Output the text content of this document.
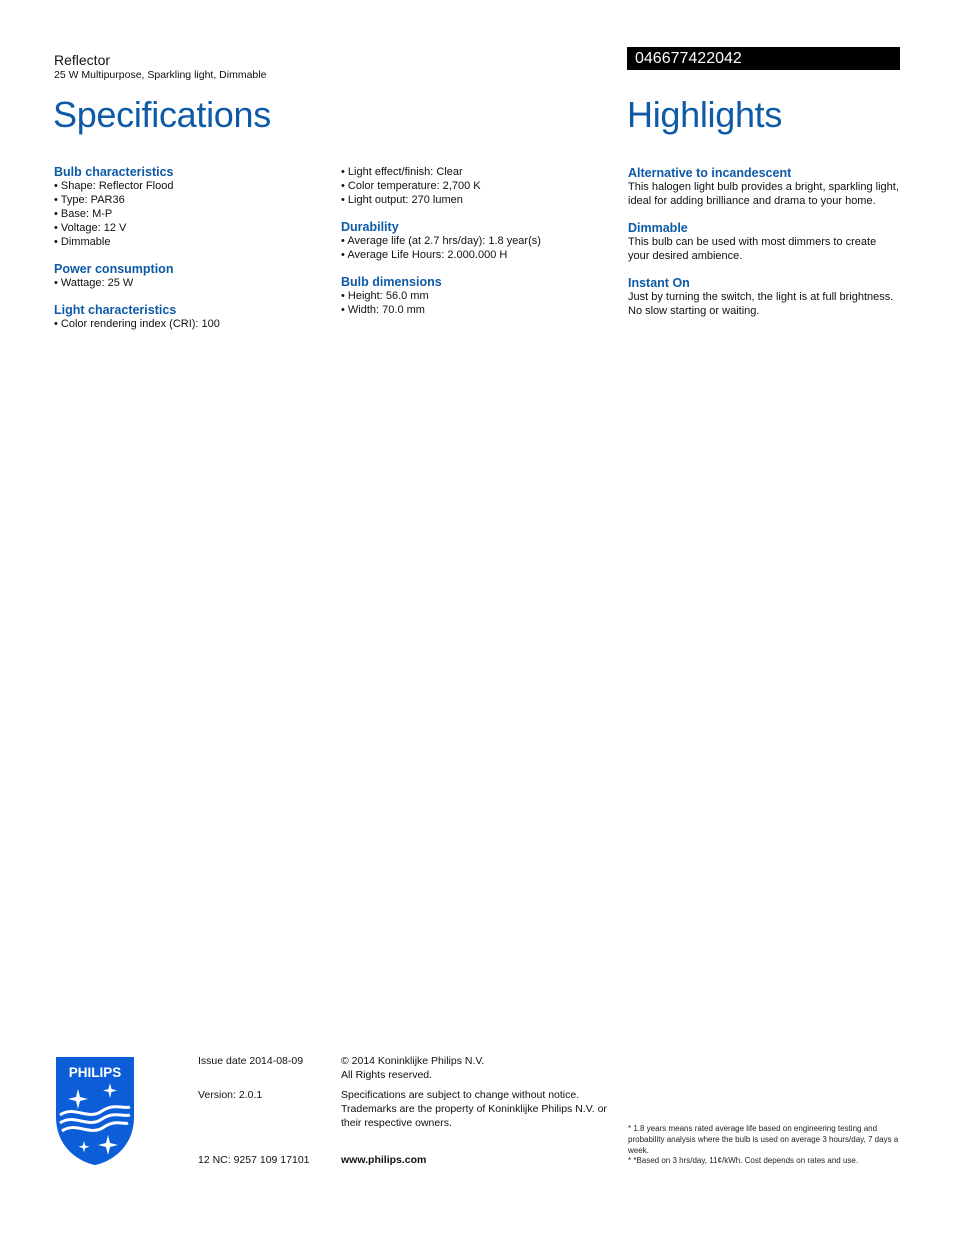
Reflector
25 W Multipurpose, Sparkling light, Dimmable
046677422042
Specifications	Highlights
Bulb characteristics
• Shape: Reflector Flood
• Type: PAR36
• Base: M-P
• Voltage: 12 V
• Dimmable
Power consumption
• Wattage: 25 W
Light characteristics
• Color rendering index (CRI): 100
• Light effect/finish: Clear
• Color temperature: 2,700 K
• Light output: 270 lumen
Durability
• Average life (at 2.7 hrs/day): 1.8 year(s)
• Average Life Hours: 2.000.000 H
Bulb dimensions
• Height: 56.0 mm
• Width: 70.0 mm
Alternative to incandescent
This halogen light bulb provides a bright, sparkling light, ideal for adding brilliance and drama to your home.
Dimmable
This bulb can be used with most dimmers to create your desired ambience.
Instant On
Just by turning the switch, the light is at full brightness. No slow starting or waiting.
PHILIPS
Issue date 2014-08-09
Version: 2.0.1
12 NC: 9257 109 17101
© 2014 Koninklijke Philips N.V.
All Rights reserved.
Specifications are subject to change without notice. Trademarks are the property of Koninklijke Philips N.V. or their respective owners.
www.philips.com
* 1.8 years means rated average life based on engineering testing and probability analysis where the bulb is used on average 3 hours/day, 7 days a week.
* *Based on 3 hrs/day, 11¢/kWh. Cost depends on rates and use.
